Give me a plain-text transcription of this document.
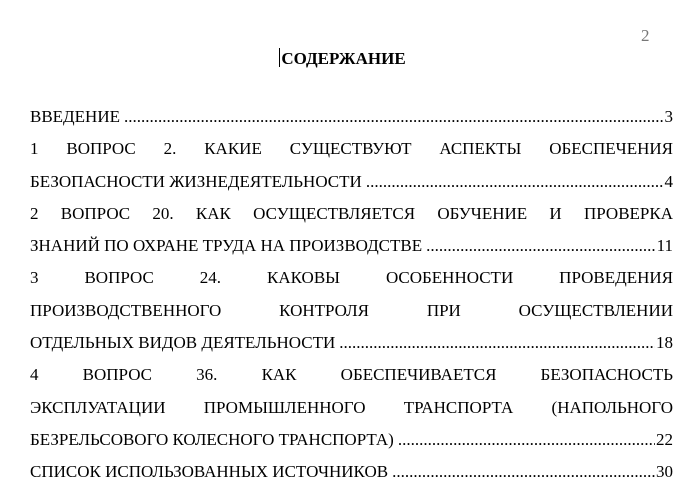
2
СОДЕРЖАНИЕ
ВВЕДЕНИЕ .....	3
1 ВОПРОС 2. КАКИЕ СУЩЕСТВУЮТ АСПЕКТЫ ОБЕСПЕЧЕНИЯ
БЕЗОПАСНОСТИ ЖИЗНЕДЕЯТЕЛЬНОСТИ .....	4
2 ВОПРОС 20. КАК ОСУЩЕСТВЛЯЕТСЯ ОБУЧЕНИЕ И ПРОВЕРКА
ЗНАНИЙ ПО ОХРАНЕ ТРУДА НА ПРОИЗВОДСТВЕ .....	11
3 ВОПРОС 24. КАКОВЫ ОСОБЕННОСТИ ПРОВЕДЕНИЯ
ПРОИЗВОДСТВЕННОГО КОНТРОЛЯ ПРИ ОСУЩЕСТВЛЕНИИ
ОТДЕЛЬНЫХ ВИДОВ ДЕЯТЕЛЬНОСТИ .....	18
4 ВОПРОС 36. КАК ОБЕСПЕЧИВАЕТСЯ БЕЗОПАСНОСТЬ
ЭКСПЛУАТАЦИИ ПРОМЫШЛЕННОГО ТРАНСПОРТА (НАПОЛЬНОГО
БЕЗРЕЛЬСОВОГО КОЛЕСНОГО ТРАНСПОРТА) .....	22
СПИСОК ИСПОЛЬЗОВАННЫХ ИСТОЧНИКОВ .....	30
